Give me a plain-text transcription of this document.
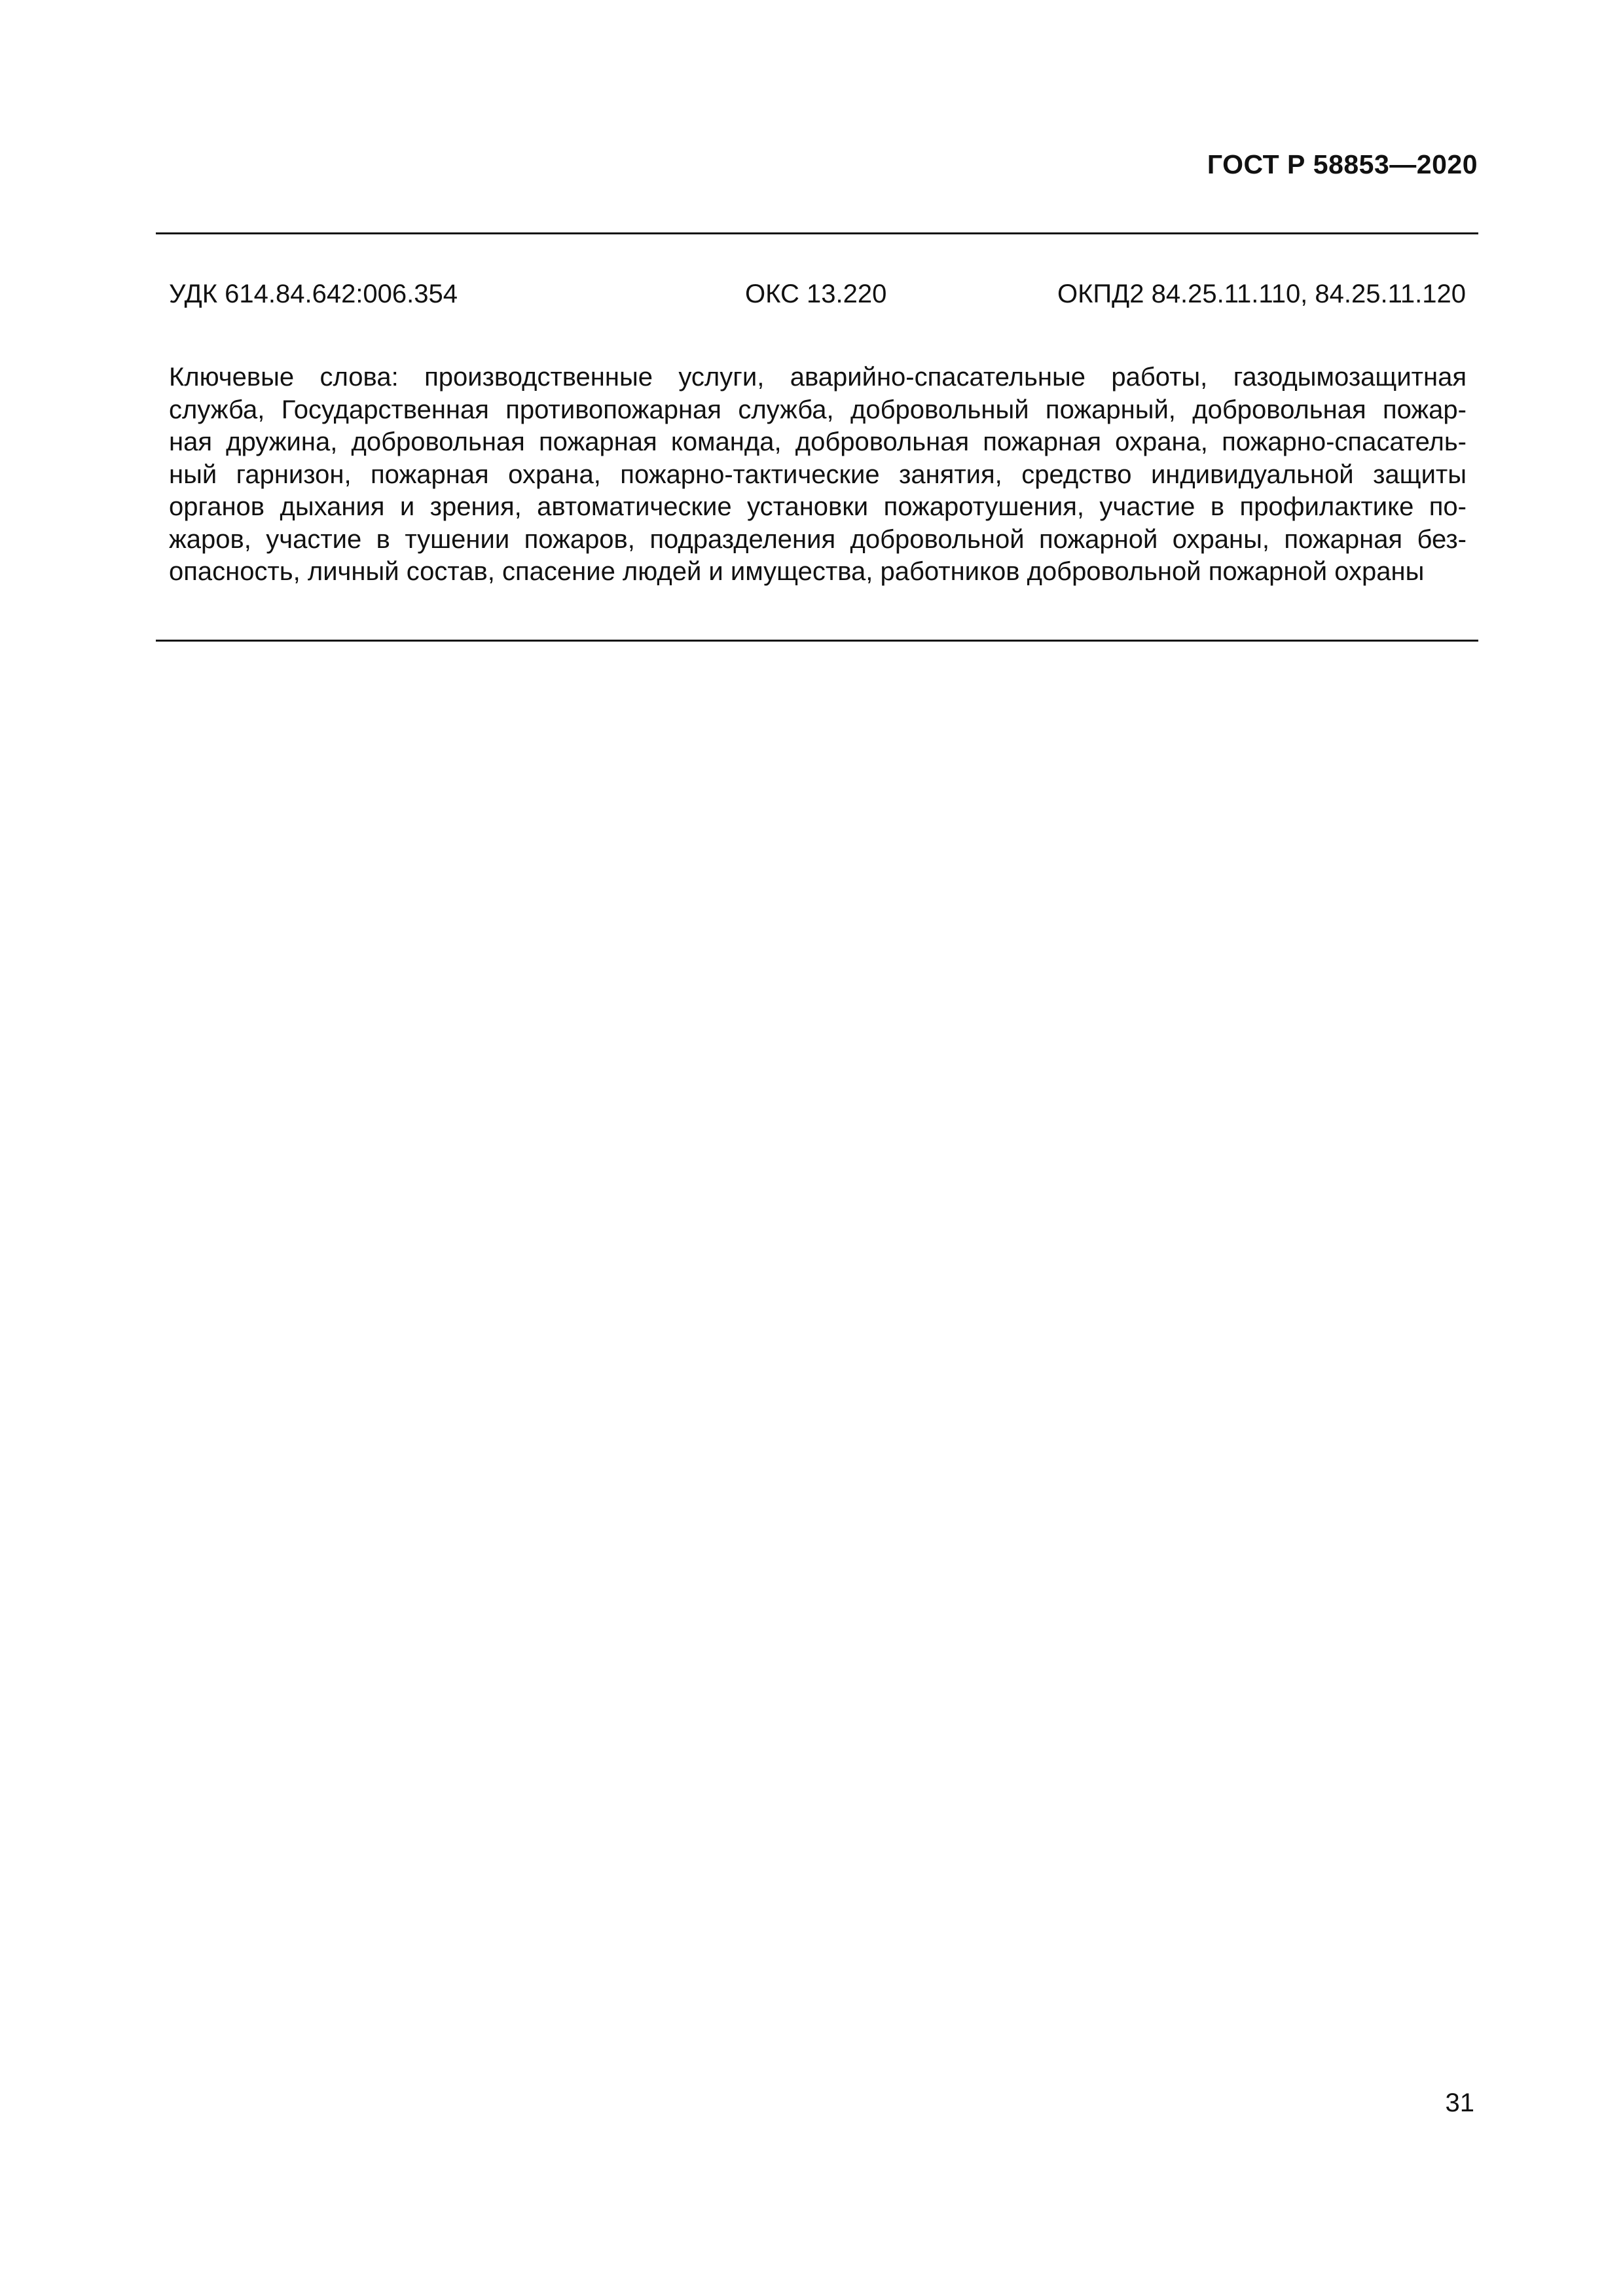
ГОСТ Р 58853—2020
УДК 614.84.642:006.354	ОКС 13.220	ОКПД2 84.25.11.110, 84.25.11.120
Ключевые слова: производственные услуги, аварийно-спасательные работы, газодымозащитная
служба, Государственная противопожарная служба, добровольный пожарный, добровольная пожар-
ная дружина, добровольная пожарная команда, добровольная пожарная охрана, пожарно-спасатель-
ный гарнизон, пожарная охрана, пожарно-тактические занятия, средство индивидуальной защиты
органов дыхания и зрения, автоматические установки пожаротушения, участие в профилактике по-
жаров, участие в тушении пожаров, подразделения добровольной пожарной охраны, пожарная без-
опасность, личный состав, спасение людей и имущества, работников добровольной пожарной охраны
31
